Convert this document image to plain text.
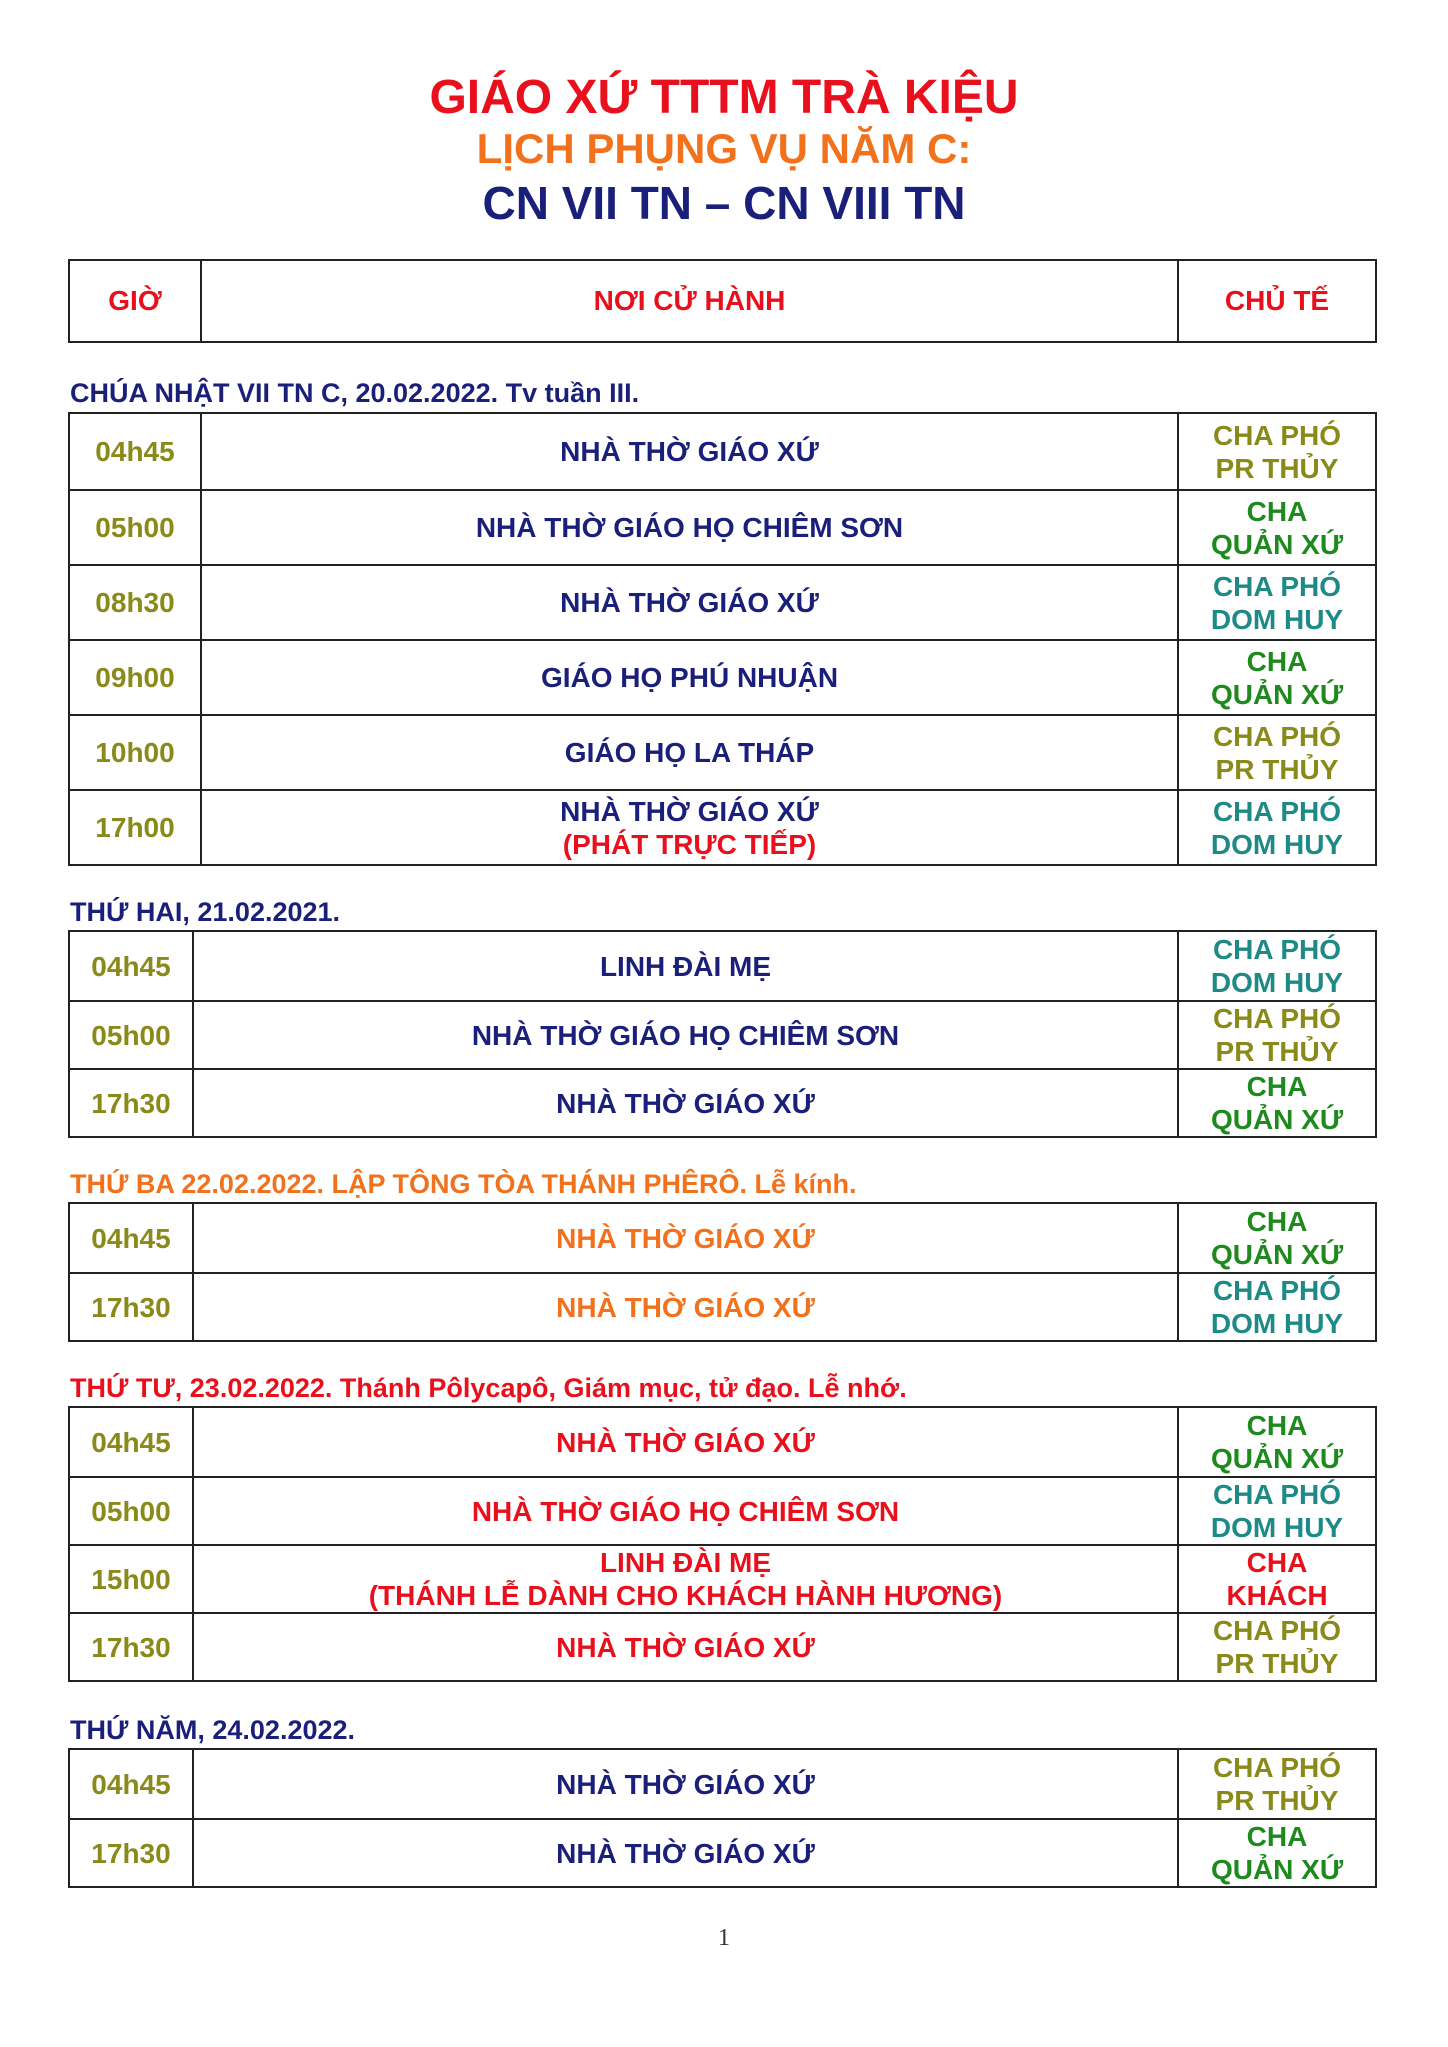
GIÁO XỨ TTTM TRÀ KIỆU
LỊCH PHỤNG VỤ NĂM C:
CN VII TN – CN VIII TN
GIỜ	NƠI CỬ HÀNH	CHỦ TẾ
CHÚA NHẬT VII TN C, 20.02.2022. Tv tuần III.
04h45	NHÀ THỜ GIÁO XỨ
CHA PHÓ
PR THỦY
05h00	NHÀ THỜ GIÁO HỌ CHIÊM SƠN
CHA
QUẢN XỨ
08h30	NHÀ THỜ GIÁO XỨ
CHA PHÓ
DOM HUY
09h00	GIÁO HỌ PHÚ NHUẬN
CHA
QUẢN XỨ
10h00	GIÁO HỌ LA THÁP
CHA PHÓ
PR THỦY
17h00
NHÀ THỜ GIÁO XỨ
(PHÁT TRỰC TIẾP)
CHA PHÓ
DOM HUY
THỨ HAI, 21.02.2021.
04h45	LINH ĐÀI MẸ
CHA PHÓ
DOM HUY
05h00	NHÀ THỜ GIÁO HỌ CHIÊM SƠN
CHA PHÓ
PR THỦY
17h30	NHÀ THỜ GIÁO XỨ
CHA
QUẢN XỨ
THỨ BA 22.02.2022. LẬP TÔNG TÒA THÁNH PHÊRÔ. Lễ kính.
04h45	NHÀ THỜ GIÁO XỨ
CHA
QUẢN XỨ
17h30	NHÀ THỜ GIÁO XỨ
CHA PHÓ
DOM HUY
THỨ TƯ, 23.02.2022. Thánh Pôlycapô, Giám mục, tử đạo. Lễ nhớ.
04h45	NHÀ THỜ GIÁO XỨ
CHA
QUẢN XỨ
05h00	NHÀ THỜ GIÁO HỌ CHIÊM SƠN
CHA PHÓ
DOM HUY
15h00
LINH ĐÀI MẸ
(THÁNH LỄ DÀNH CHO KHÁCH HÀNH HƯƠNG)
CHA
KHÁCH
17h30	NHÀ THỜ GIÁO XỨ
CHA PHÓ
PR THỦY
THỨ NĂM, 24.02.2022.
04h45	NHÀ THỜ GIÁO XỨ
CHA PHÓ
PR THỦY
17h30	NHÀ THỜ GIÁO XỨ
CHA
QUẢN XỨ
1
